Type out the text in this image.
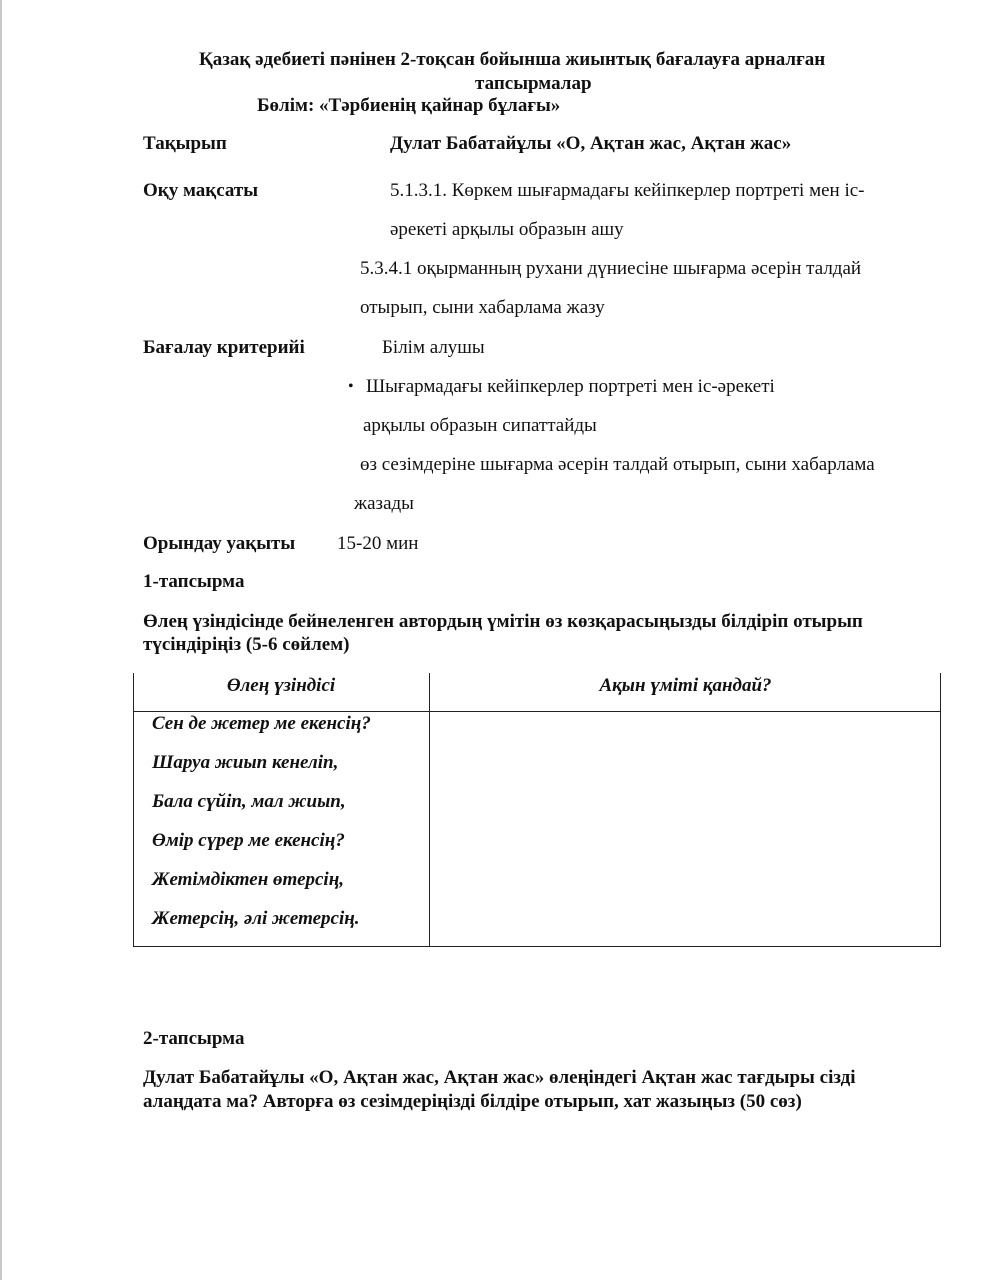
Қазақ әдебиеті пәнінен 2-тоқсан бойынша жиынтық бағалауға арналған
тапсырмалар
Бөлім: «Тәрбиенің қайнар бұлағы»
Тақырып	Дулат Бабатайұлы «О, Ақтан жас, Ақтан жас»
Оқу мақсаты	5.1.3.1. Көркем шығармадағы кейіпкерлер портреті мен іс-
әрекеті арқылы образын ашу
5.3.4.1 оқырманның рухани дүниесіне шығарма әсерін талдай
отырып, сыни хабарлама жазу
Бағалау критерийі	Білім алушы
• Шығармадағы кейіпкерлер портреті мен іс-әрекеті
арқылы образын сипаттайды
өз сезімдеріне шығарма әсерін талдай отырып, сыни хабарлама
жазады
Орындау уақыты 15-20 мин
1-тапсырма
Өлең үзіндісінде бейнеленген автордың үмітін өз көзқарасыңызды білдіріп отырып
түсіндіріңіз (5-6 сөйлем)
Өлең үзіндісі	Ақын үміті қандай?
Сен де жетер ме екенсің?
Шаруа жиып кенеліп,
Бала сүйіп, мал жиып,
Өмір сүрер ме екенсің?
Жетімдіктен өтерсің,
Жетерсің, әлі жетерсің.
2-тапсырма
Дулат Бабатайұлы «О, Ақтан жас, Ақтан жас» өлеңіндегі Ақтан жас тағдыры сізді
алаңдата ма? Авторға өз сезімдеріңізді білдіре отырып, хат жазыңыз (50 сөз)
